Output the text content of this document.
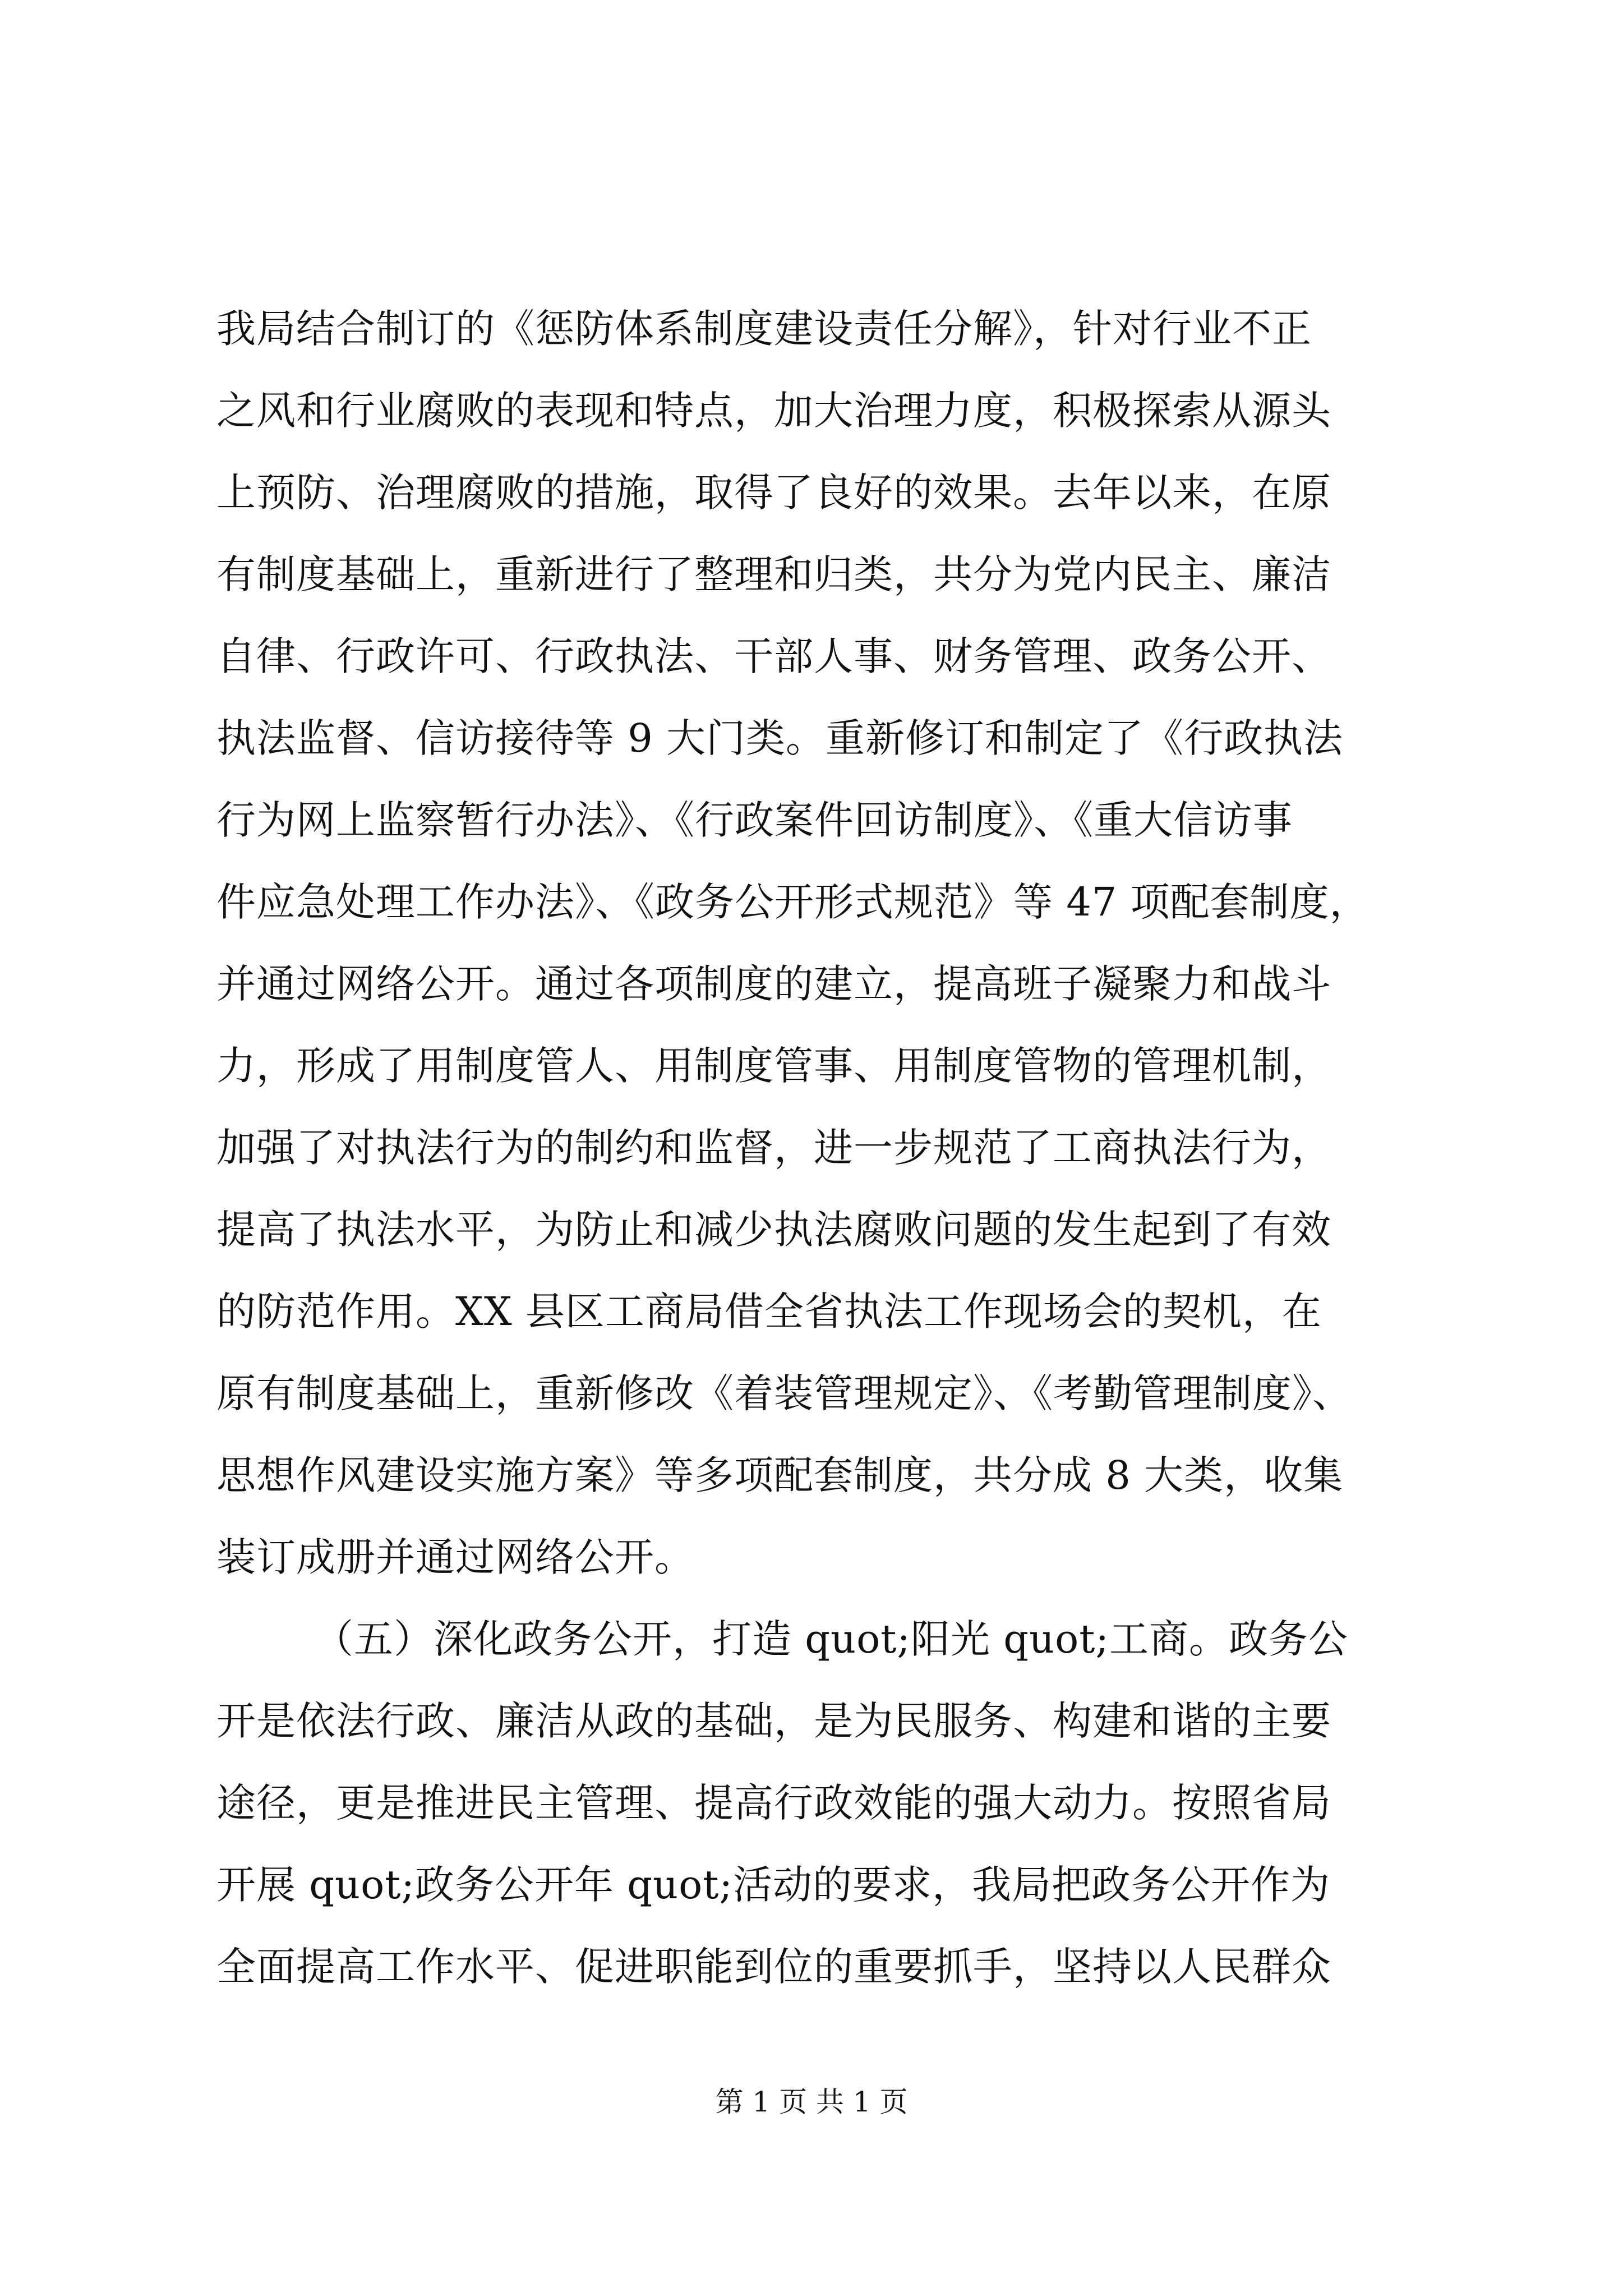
我局结合制订的《惩防体系制度建设责任分解》，针对行业不正
之风和行业腐败的表现和特点，加大治理力度，积极探索从源头
上预防、治理腐败的措施，取得了良好的效果。去年以来，在原
有制度基础上，重新进行了整理和归类，共分为党内民主、廉洁
自律、行政许可、行政执法、干部人事、财务管理、政务公开、
执法监督、信访接待等 9 大门类。重新修订和制定了《行政执法
行为网上监察暂行办法》、《行政案件回访制度》、《重大信访事
件应急处理工作办法》、《政务公开形式规范》等 47 项配套制度，
并通过网络公开。通过各项制度的建立，提高班子凝聚力和战斗
力，形成了用制度管人、用制度管事、用制度管物的管理机制，
加强了对执法行为的制约和监督，进一步规范了工商执法行为，
提高了执法水平，为防止和减少执法腐败问题的发生起到了有效
的防范作用。XX 县区工商局借全省执法工作现场会的契机，在
原有制度基础上，重新修改《着装管理规定》、《考勤管理制度》、
思想作风建设实施方案》等多项配套制度，共分成 8 大类，收集
装订成册并通过网络公开。
（五）深化政务公开，打造 quot;阳光 quot;工商。政务公
开是依法行政、廉洁从政的基础，是为民服务、构建和谐的主要
途径，更是推进民主管理、提高行政效能的强大动力。按照省局
开展 quot;政务公开年 quot;活动的要求，我局把政务公开作为
全面提高工作水平、促进职能到位的重要抓手，坚持以人民群众
第 1 页 共 1 页
